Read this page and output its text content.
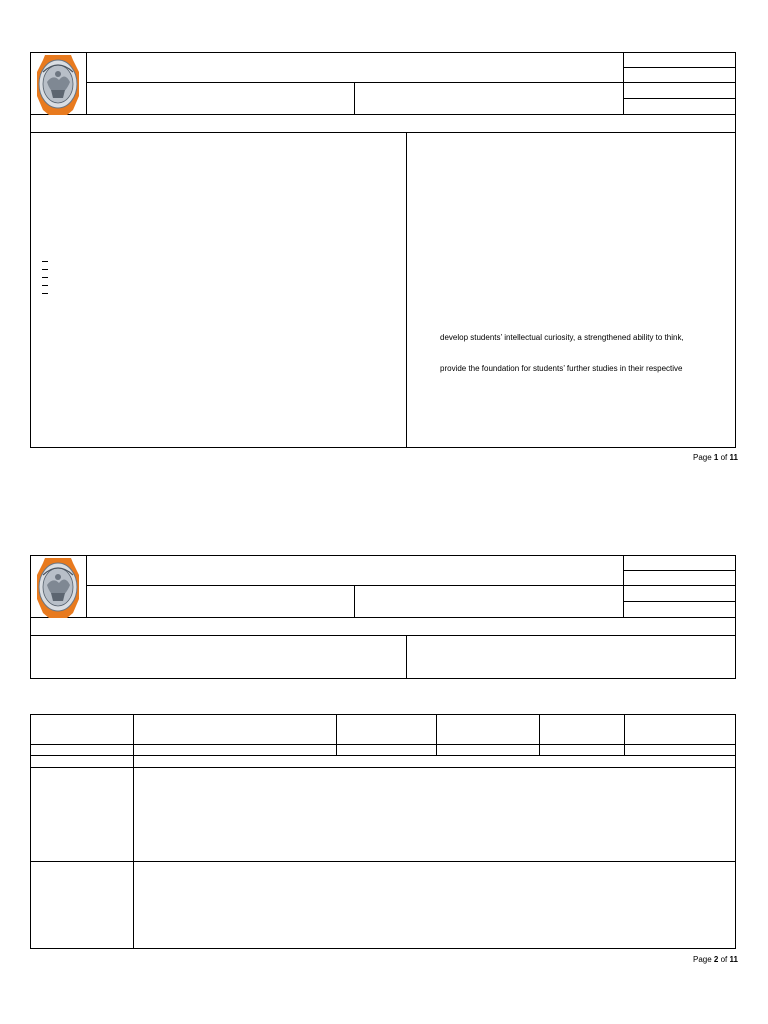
develop students’ intellectual curiosity, a strengthened ability to think,
provide the foundation for students’ further studies in their respective
Page 1 of 11
Page 2 of 11
